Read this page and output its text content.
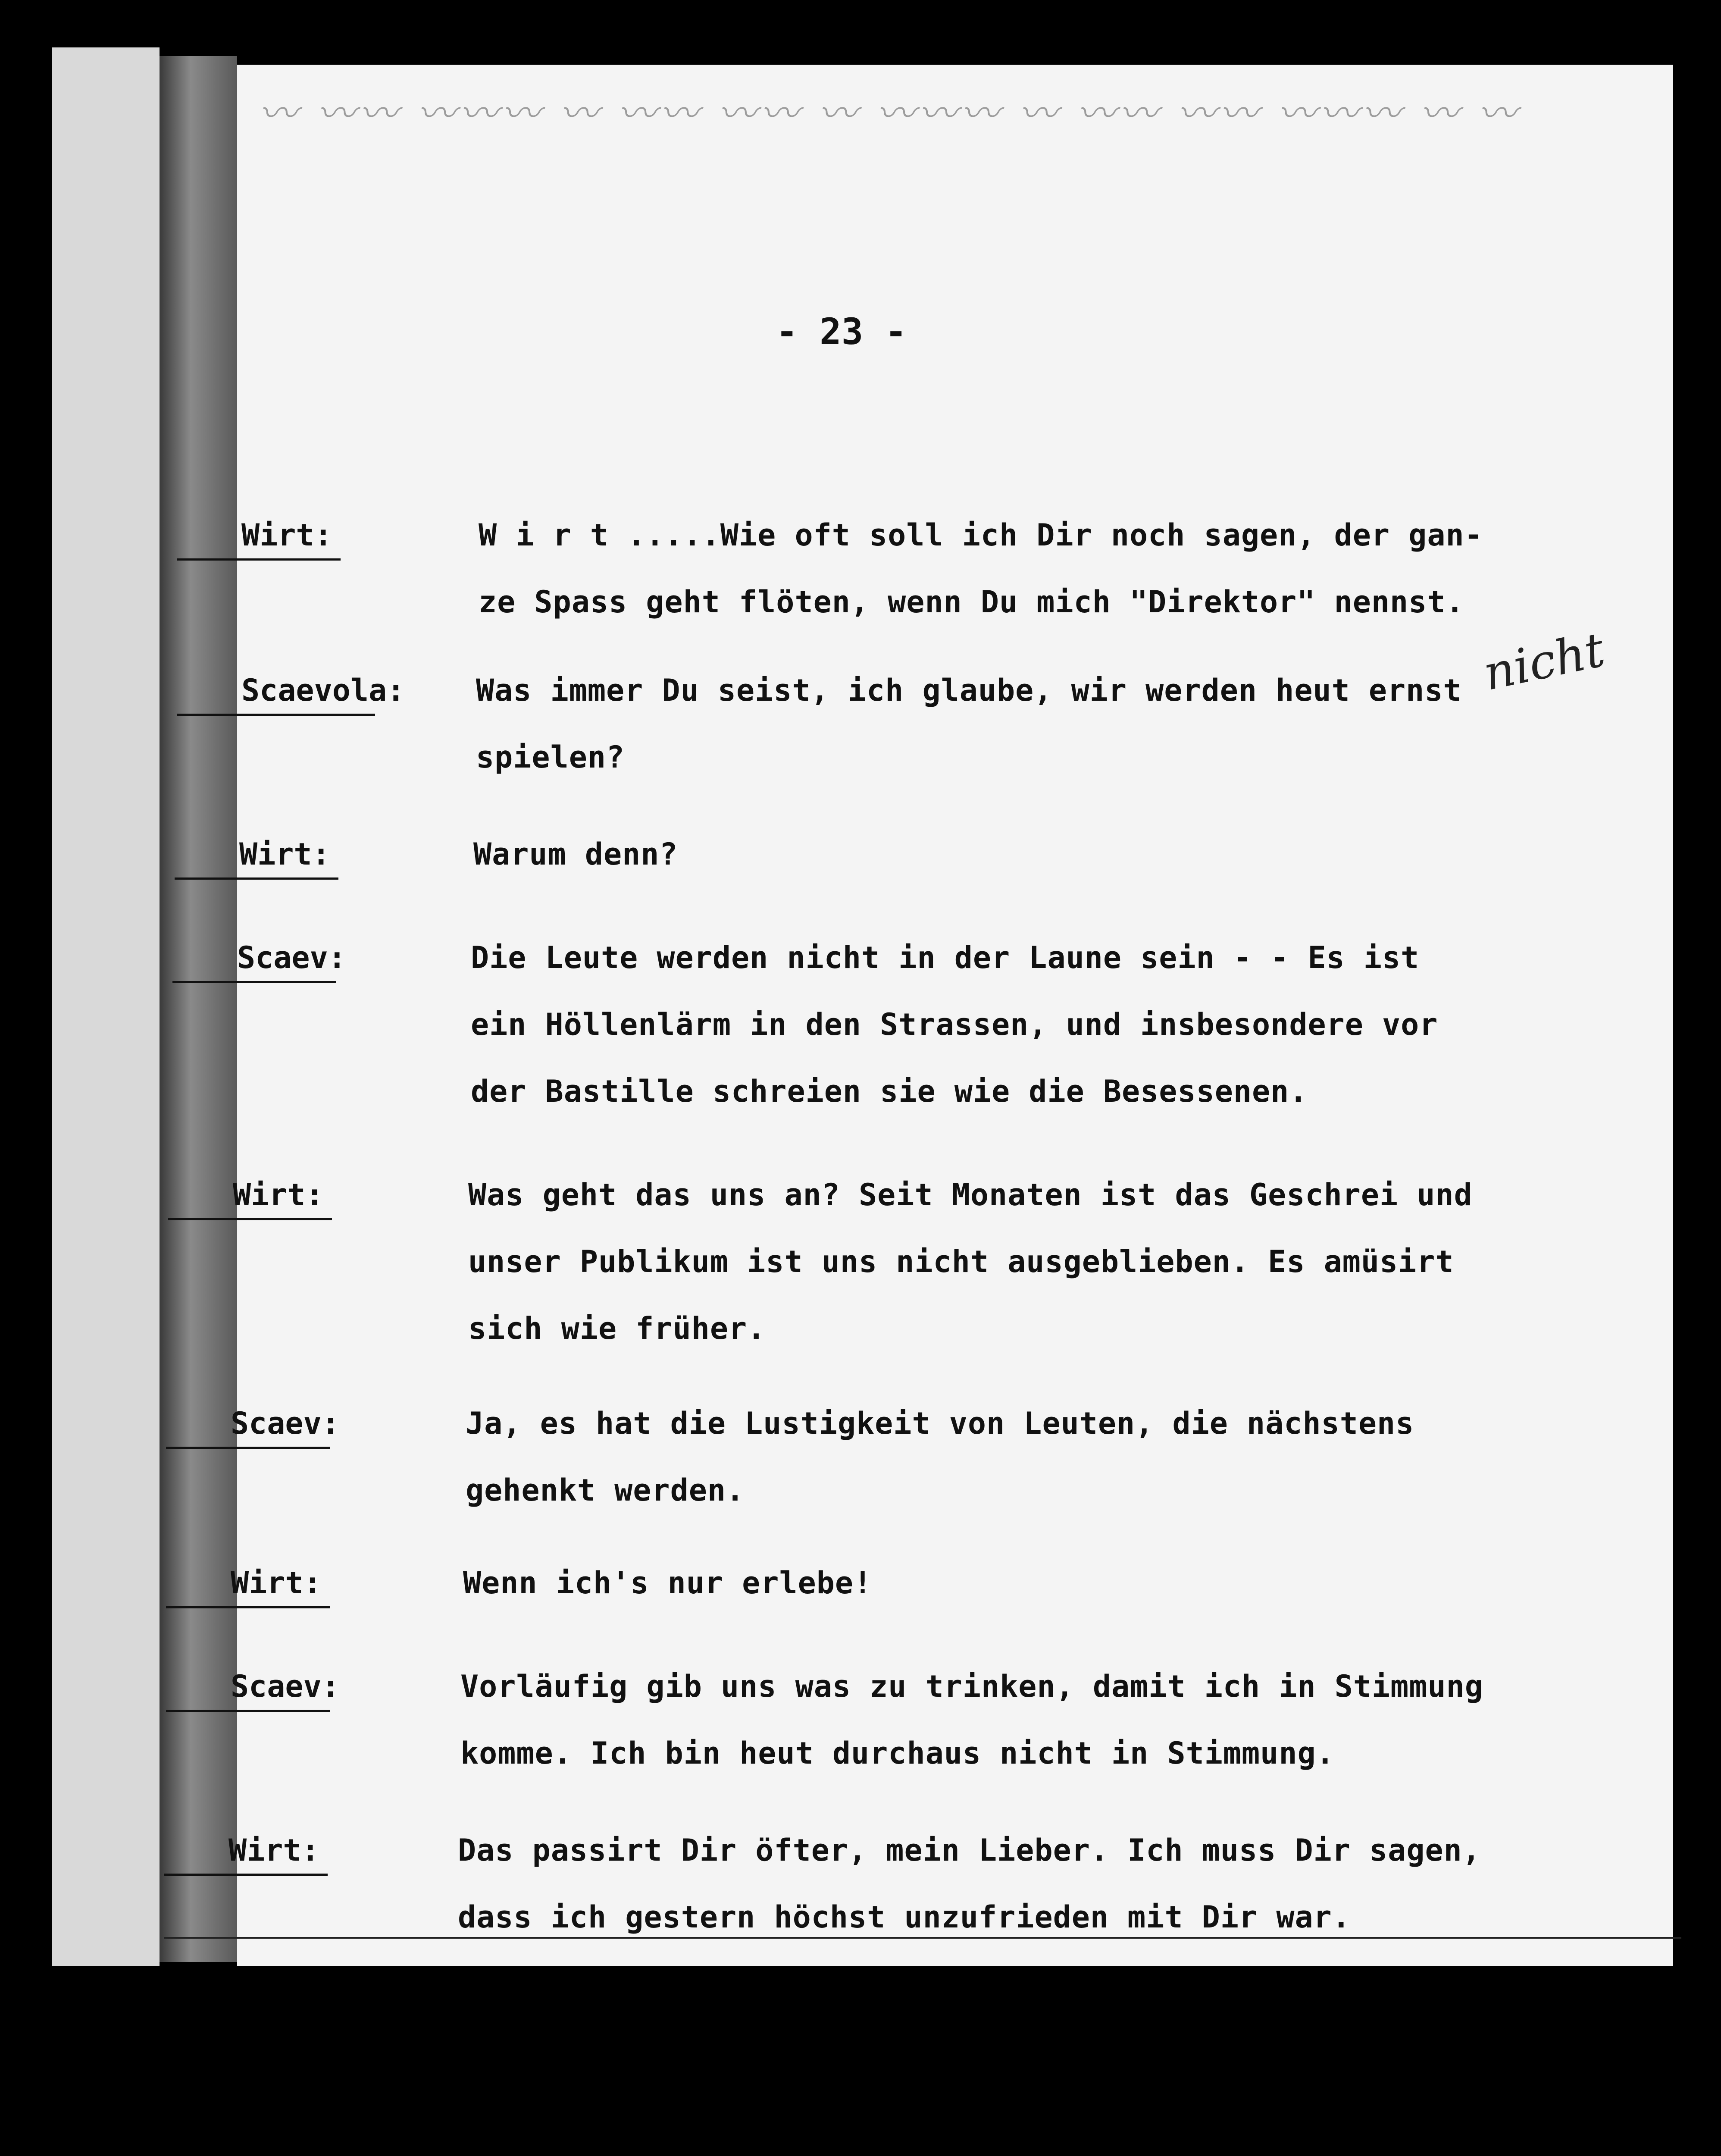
〰 〰〰 〰〰〰 〰 〰〰 〰〰 〰 〰〰〰 〰 〰〰 〰〰 〰〰〰 〰 〰
- 23 -
nicht
Wirt:	W i r t .....Wie oft soll ich Dir noch sagen, der gan-
ze Spass geht flöten, wenn Du mich "Direktor" nennst.
Scaevola: Was immer Du seist, ich glaube, wir werden heut ernst
spielen?
Wirt:	Warum denn?
Scaev:	Die Leute werden nicht in der Laune sein - - Es ist
ein Höllenlärm in den Strassen, und insbesondere vor
der Bastille schreien sie wie die Besessenen.
Wirt:	Was geht das uns an? Seit Monaten ist das Geschrei und
unser Publikum ist uns nicht ausgeblieben. Es amüsirt
sich wie früher.
Scaev:	Ja, es hat die Lustigkeit von Leuten, die nächstens
gehenkt werden.
Wirt:	Wenn ich's nur erlebe!
Scaev:	Vorläufig gib uns was zu trinken, damit ich in Stimmung
komme. Ich bin heut durchaus nicht in Stimmung.
Wirt:	Das passirt Dir öfter, mein Lieber. Ich muss Dir sagen,
dass ich gestern höchst unzufrieden mit Dir war.
